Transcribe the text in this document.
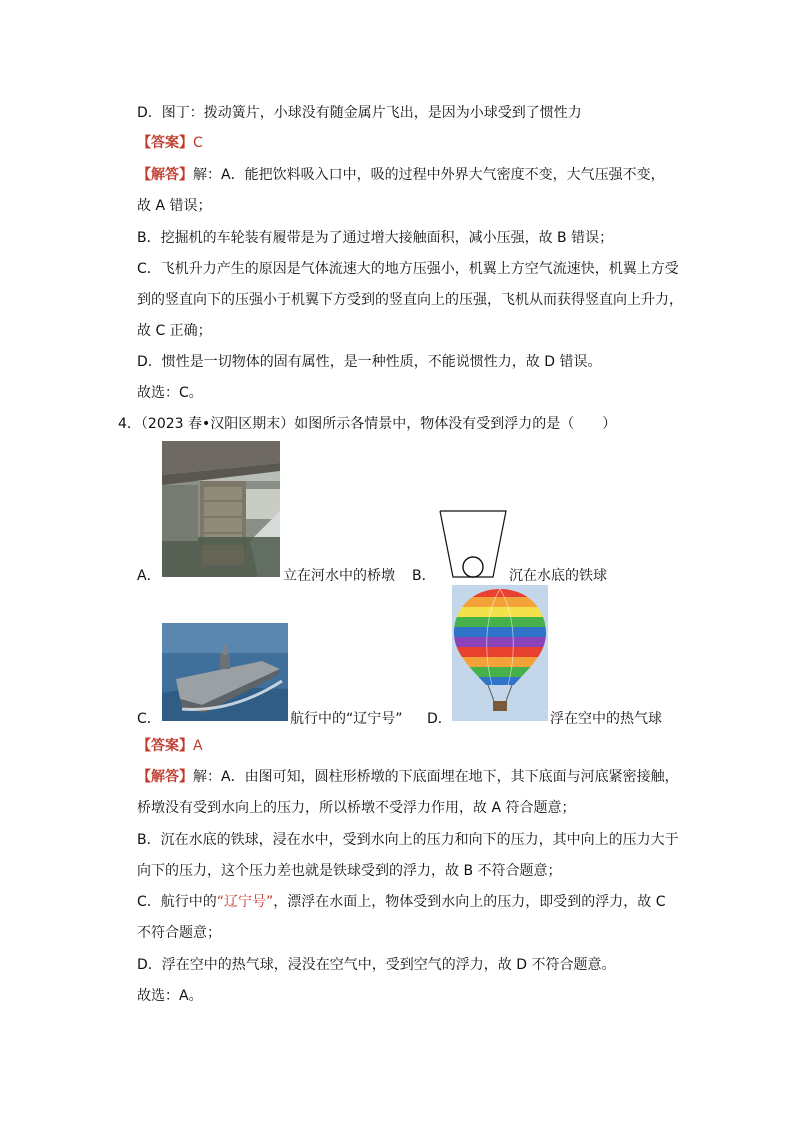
D．图丁：拨动簧片，小球没有随金属片飞出，是因为小球受到了惯性力
【答案】C
【解答】解：A．能把饮料吸入口中，吸的过程中外界大气密度不变，大气压强不变，
故 A 错误；
B．挖掘机的车轮装有履带是为了通过增大接触面积，减小压强，故 B 错误；
C．飞机升力产生的原因是气体流速大的地方压强小，机翼上方空气流速快，机翼上方受
到的竖直向下的压强小于机翼下方受到的竖直向上的压强，飞机从而获得竖直向上升力，
故 C 正确；
D．惯性是一切物体的固有属性，是一种性质，不能说惯性力，故 D 错误。
故选：C。
4．（2023 春•汉阳区期末）如图所示各情景中，物体没有受到浮力的是（　　）
A．	立在河水中的桥墩 B．	沉在水底的铁球
C．	航行中的“辽宁号” D．	浮在空中的热气球
【答案】A
【解答】解：A．由图可知，圆柱形桥墩的下底面埋在地下，其下底面与河底紧密接触，
桥墩没有受到水向上的压力，所以桥墩不受浮力作用，故 A 符合题意；
B．沉在水底的铁球，浸在水中，受到水向上的压力和向下的压力，其中向上的压力大于
向下的压力，这个压力差也就是铁球受到的浮力，故 B 不符合题意；
C．航行中的“辽宁号”，漂浮在水面上，物体受到水向上的压力，即受到的浮力，故 C
不符合题意；
D．浮在空中的热气球，浸没在空气中，受到空气的浮力，故 D 不符合题意。
故选：A。
